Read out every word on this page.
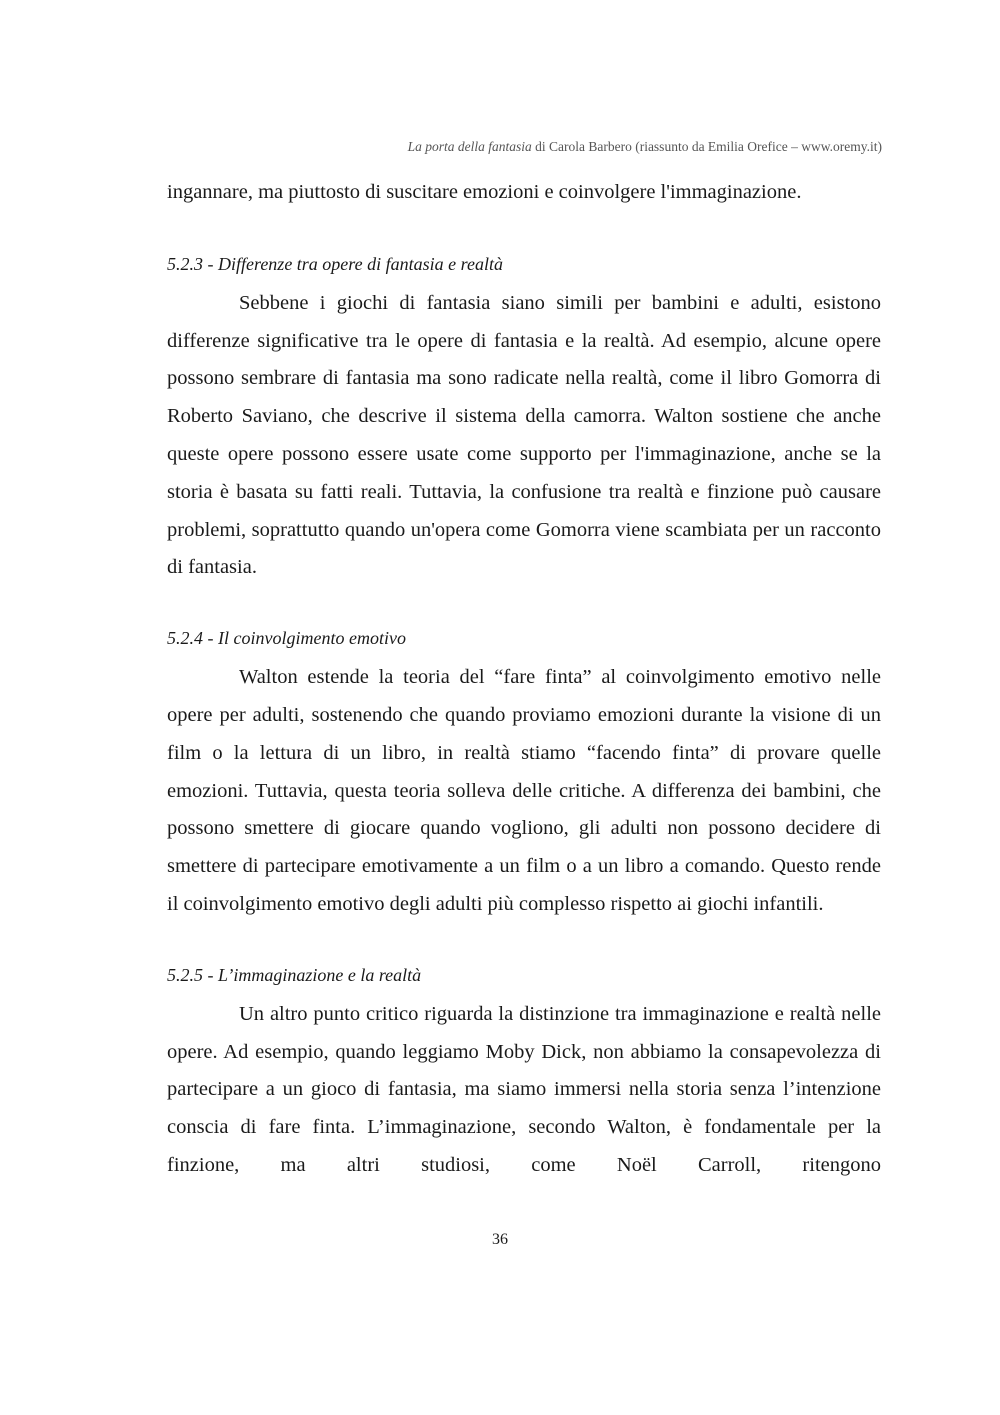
La porta della fantasia di Carola Barbero (riassunto da Emilia Orefice – www.oremy.it)

ingannare, ma piuttosto di suscitare emozioni e coinvolgere l'immaginazione.

5.2.3 - Differenze tra opere di fantasia e realtà

Sebbene i giochi di fantasia siano simili per bambini e adulti, esistono differenze significative tra le opere di fantasia e la realtà. Ad esempio, alcune opere possono sembrare di fantasia ma sono radicate nella realtà, come il libro Gomorra di Roberto Saviano, che descrive il sistema della camorra. Walton sostiene che anche queste opere possono essere usate come supporto per l'immaginazione, anche se la storia è basata su fatti reali. Tuttavia, la confusione tra realtà e finzione può causare problemi, soprattutto quando un'opera come Gomorra viene scambiata per un racconto di fantasia.

5.2.4 - Il coinvolgimento emotivo

Walton estende la teoria del “fare finta” al coinvolgimento emotivo nelle opere per adulti, sostenendo che quando proviamo emozioni durante la visione di un film o la lettura di un libro, in realtà stiamo “facendo finta” di provare quelle emozioni. Tuttavia, questa teoria solleva delle critiche. A differenza dei bambini, che possono smettere di giocare quando vogliono, gli adulti non possono decidere di smettere di partecipare emotivamente a un film o a un libro a comando. Questo rende il coinvolgimento emotivo degli adulti più complesso rispetto ai giochi infantili.

5.2.5 - L’immaginazione e la realtà

Un altro punto critico riguarda la distinzione tra immaginazione e realtà nelle opere. Ad esempio, quando leggiamo Moby Dick, non abbiamo la consapevolezza di partecipare a un gioco di fantasia, ma siamo immersi nella storia senza l’intenzione conscia di fare finta. L’immaginazione, secondo Walton, è fondamentale per la finzione, ma altri studiosi, come Noël Carroll, ritengono

36
